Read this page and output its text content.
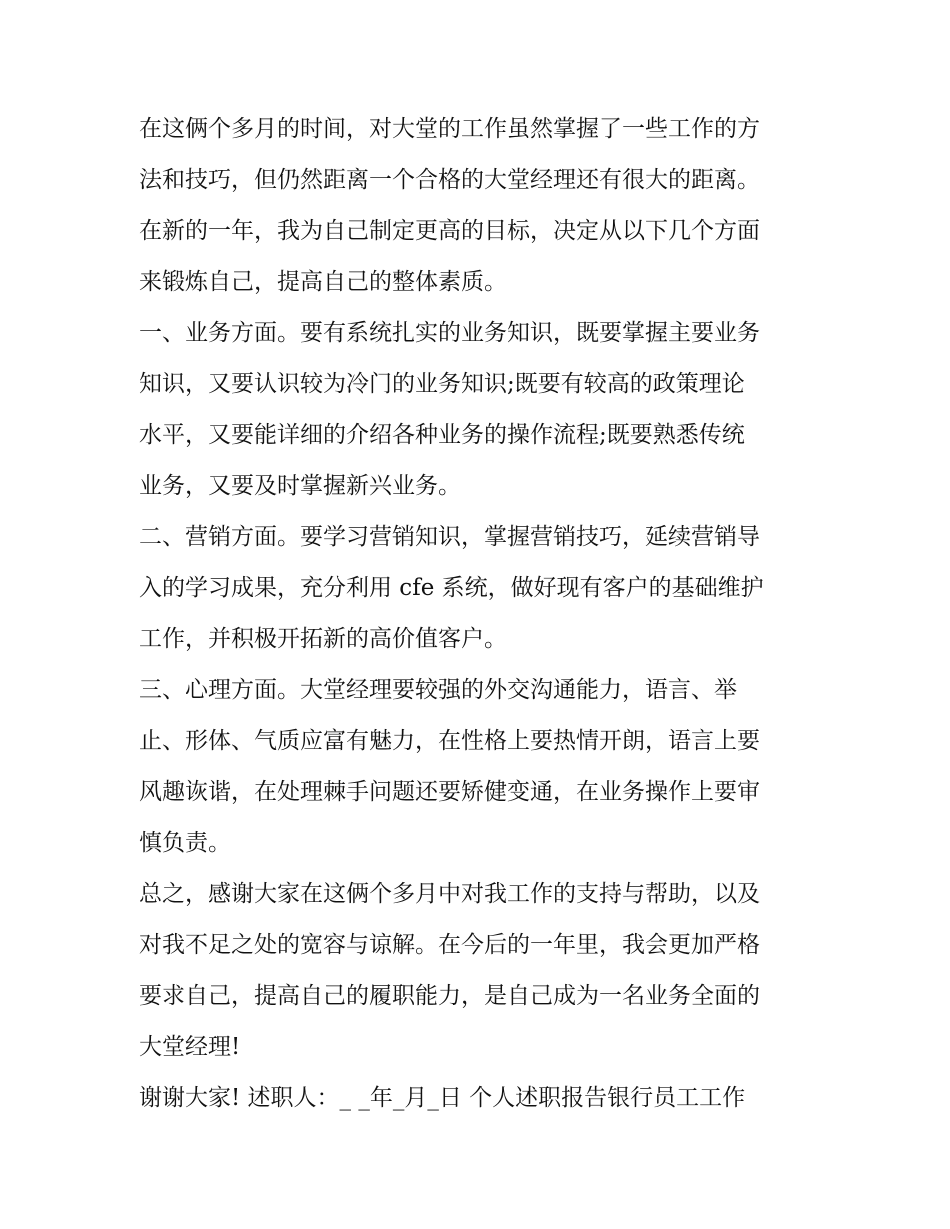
在这俩个多月的时间，对大堂的工作虽然掌握了一些工作的方
法和技巧，但仍然距离一个合格的大堂经理还有很大的距离。
在新的一年，我为自己制定更高的目标，决定从以下几个方面
来锻炼自己，提高自己的整体素质。
一、业务方面。要有系统扎实的业务知识，既要掌握主要业务
知识，又要认识较为冷门的业务知识;既要有较高的政策理论
水平，又要能详细的介绍各种业务的操作流程;既要熟悉传统
业务，又要及时掌握新兴业务。
二、营销方面。要学习营销知识，掌握营销技巧，延续营销导
入的学习成果，充分利用 cfe 系统，做好现有客户的基础维护
工作，并积极开拓新的高价值客户。
三、心理方面。大堂经理要较强的外交沟通能力，语言、举
止、形体、气质应富有魅力，在性格上要热情开朗，语言上要
风趣诙谐，在处理棘手问题还要矫健变通，在业务操作上要审
慎负责。
总之，感谢大家在这俩个多月中对我工作的支持与帮助，以及
对我不足之处的宽容与谅解。在今后的一年里，我会更加严格
要求自己，提高自己的履职能力，是自己成为一名业务全面的
大堂经理!
谢谢大家! 述职人：_ _年_月_日 个人述职报告银行员工工作
